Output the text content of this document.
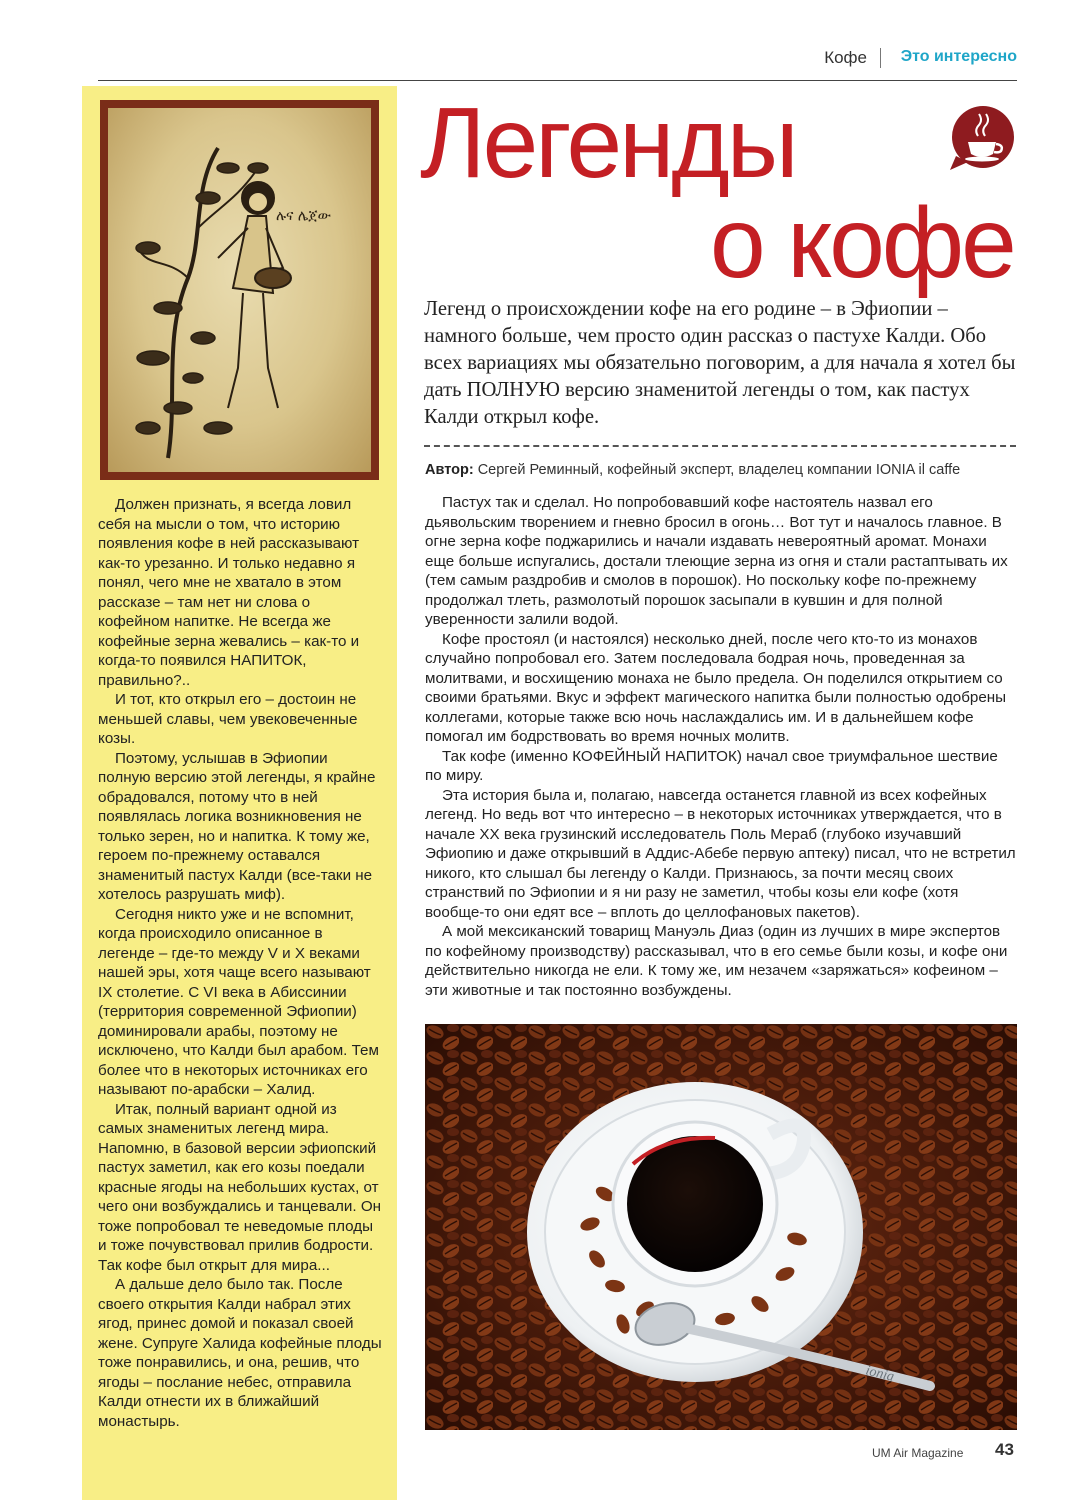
Кофе Это интересно
ሉና ሌጀው

Должен признать, я всегда ловил себя на мысли о том, что историю появления кофе в ней рассказывают как-то урезанно. И только недавно я понял, чего мне не хватало в этом рассказе – там нет ни слова о кофейном напитке. Не всегда же кофейные зерна жевались – как-то и когда-то появился НАПИТОК, правильно?..

И тот, кто открыл его – достоин не меньшей славы, чем увековеченные козы.

Поэтому, услышав в Эфиопии полную версию этой легенды, я крайне обрадовался, потому что в ней появлялась логика возникновения не только зерен, но и напитка. К тому же, героем по-прежнему оставался знаменитый пастух Калди (все-таки не хотелось разрушать миф).

Сегодня никто уже и не вспомнит, когда происходило описанное в легенде – где-то между V и X веками нашей эры, хотя чаще всего называют IX столетие. С VI века в Абиссинии (территория современной Эфиопии) доминировали арабы, поэтому не исключено, что Калди был арабом. Тем более что в некоторых источниках его называют по-арабски – Халид.

Итак, полный вариант одной из самых знаменитых легенд мира. Напомню, в базовой версии эфиопский пастух заметил, как его козы поедали красные ягоды на небольших кустах, от чего они возбуждались и танцевали. Он тоже попробовал те неведомые плоды и тоже почувствовал прилив бодрости. Так кофе был открыт для мира...

А дальше дело было так. После своего открытия Калди набрал этих ягод, принес домой и показал своей жене. Супруге Халида кофейные плоды тоже понравились, и она, решив, что ягоды – послание небес, отправила Калди отнести их в ближайший монастырь.

Легенды
о кофе
Легенд о происхождении кофе на его родине – в Эфиопии – намного больше, чем просто один рассказ о пастухе Калди. Обо всех вариациях мы обязательно поговорим, а для начала я хотел бы дать ПОЛНУЮ версию знаменитой легенды о том, как пастух Калди открыл кофе.
Автор: Сергей Реминный, кофейный эксперт, владелец компании IONIA il caffe

Пастух так и сделал. Но попробовавший кофе настоятель назвал его дьявольским творением и гневно бросил в огонь… Вот тут и началось главное. В огне зерна кофе поджарились и начали издавать невероятный аромат. Монахи еще больше испугались, достали тлеющие зерна из огня и стали растаптывать их (тем самым раздробив и смолов в порошок). Но поскольку кофе по-прежнему продолжал тлеть, размолотый порошок засыпали в кувшин и для полной уверенности залили водой.

Кофе простоял (и настоялся) несколько дней, после чего кто-то из монахов случайно попробовал его. Затем последовала бодрая ночь, проведенная за молитвами, и восхищению монаха не было предела. Он поделился открытием со своими братьями. Вкус и эффект магического напитка были полностью одобрены коллегами, которые также всю ночь наслаждались им. И в дальнейшем кофе помогал им бодрствовать во время ночных молитв.

Так кофе (именно КОФЕЙНЫЙ НАПИТОК) начал свое триумфальное шествие по миру.

Эта история была и, полагаю, навсегда останется главной из всех кофейных легенд. Но ведь вот что интересно – в некоторых источниках утверждается, что в начале XX века грузинский исследователь Поль Мераб (глубоко изучавший Эфиопию и даже открывший в Аддис-Абебе первую аптеку) писал, что не встретил никого, кто слышал бы легенду о Калди. Признаюсь, за почти месяц своих странствий по Эфиопии и я ни разу не заметил, чтобы козы ели кофе (хотя вообще-то они едят все – вплоть до целлофановых пакетов).

А мой мексиканский товарищ Мануэль Диаз (один из лучших в мире экспертов по кофейному производству) рассказывал, что в его семье были козы, и кофе они действительно никогда не ели. К тому же, им незачем «заряжаться» кофеином – эти животные и так постоянно возбуждены.

ionia
UM Air Magazine 43
